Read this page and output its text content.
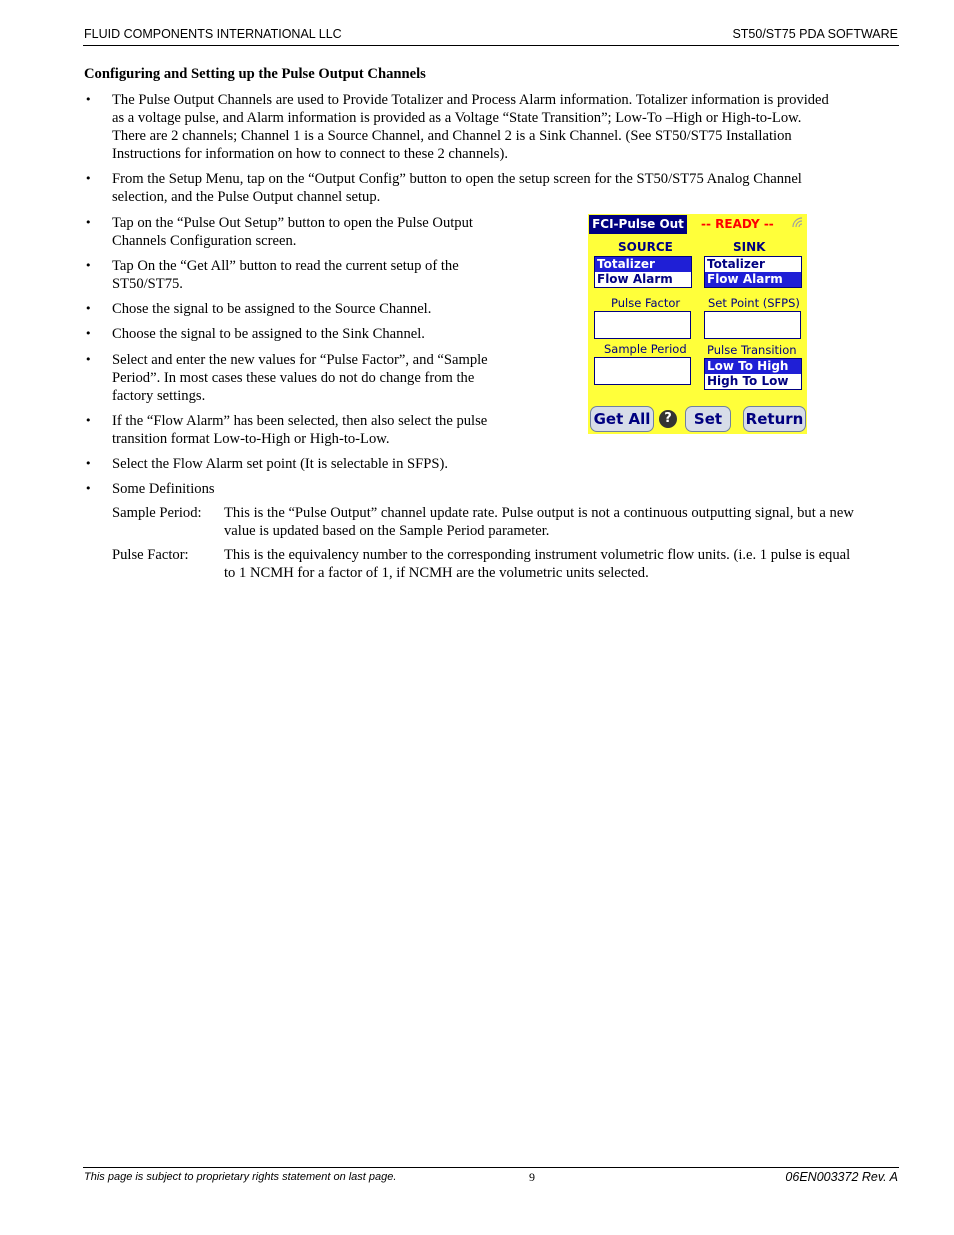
FLUID COMPONENTS INTERNATIONAL LLC	ST50/ST75 PDA SOFTWARE
Configuring and Setting up the Pulse Output Channels
• The Pulse Output Channels are used to Provide Totalizer and Process Alarm information. Totalizer information is provided
as a voltage pulse, and Alarm information is provided as a Voltage “State Transition”; Low-To –High or High-to-Low.
There are 2 channels; Channel 1 is a Source Channel, and Channel 2 is a Sink Channel. (See ST50/ST75 Installation
Instructions for information on how to connect to these 2 channels).
• From the Setup Menu, tap on the “Output Config” button to open the setup screen for the ST50/ST75 Analog Channel
selection, and the Pulse Output channel setup.
• Tap on the “Pulse Out Setup” button to open the Pulse Output
Channels Configuration screen.
• Tap On the “Get All” button to read the current setup of the
ST50/ST75.
• Chose the signal to be assigned to the Source Channel.
• Choose the signal to be assigned to the Sink Channel.
• Select and enter the new values for “Pulse Factor”, and “Sample
Period”. In most cases these values do not do change from the
factory settings.
• If the “Flow Alarm” has been selected, then also select the pulse
transition format Low-to-High or High-to-Low.
• Select the Flow Alarm set point (It is selectable in SFPS).
• Some Definitions
Sample Period: This is the “Pulse Output” channel update rate. Pulse output is not a continuous outputting signal, but a new
value is updated based on the Sample Period parameter.
Pulse Factor: This is the equivalency number to the corresponding instrument volumetric flow units. (i.e. 1 pulse is equal
to 1 NCMH for a factor of 1, if NCMH are the volumetric units selected.
FCI-Pulse Out -- READY --
SOURCE	SINK
Totalizer
Flow Alarm
Totalizer
Flow Alarm
Pulse Factor Set Point (SFPS)
Sample Period Pulse Transition
Low To High
High To Low
Get All	?	Set	Return
This page is subject to proprietary rights statement on last page.	9	06EN003372 Rev. A
